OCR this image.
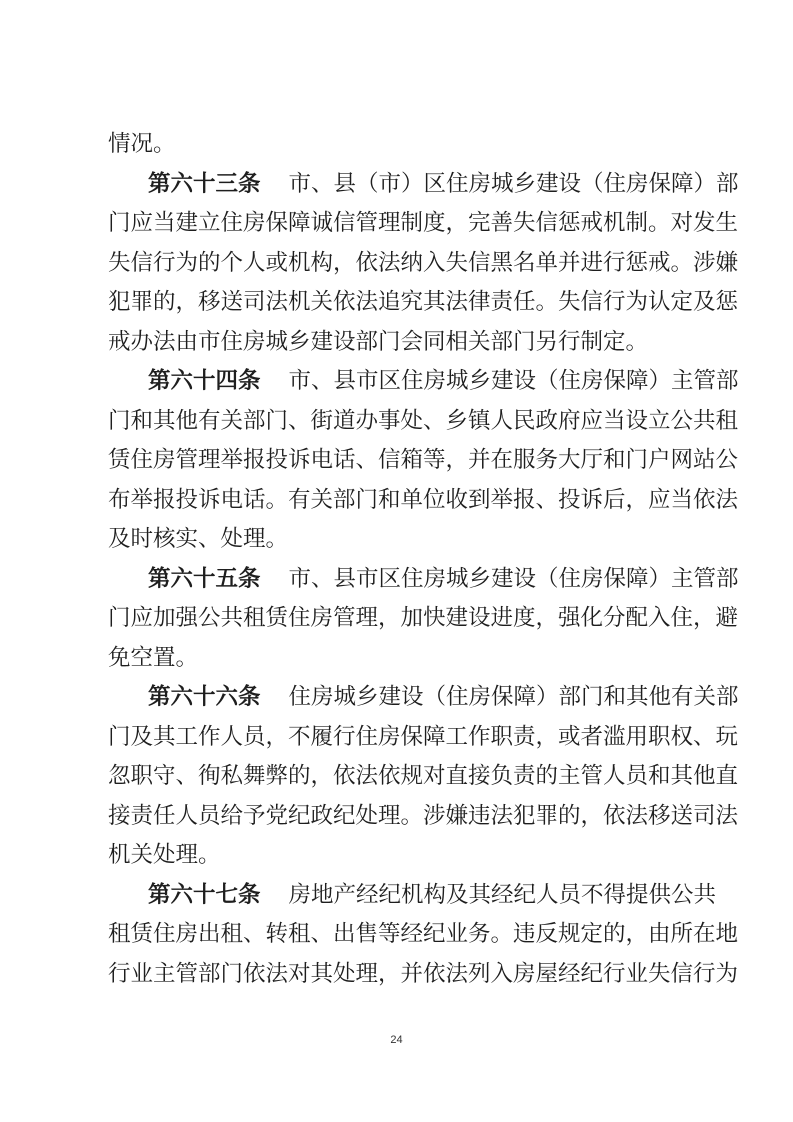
情况。
第六十三条 市、县（市）区住房城乡建设（住房保障）部
门应当建立住房保障诚信管理制度，完善失信惩戒机制。对发生
失信行为的个人或机构，依法纳入失信黑名单并进行惩戒。涉嫌
犯罪的，移送司法机关依法追究其法律责任。失信行为认定及惩
戒办法由市住房城乡建设部门会同相关部门另行制定。
第六十四条 市、县市区住房城乡建设（住房保障）主管部
门和其他有关部门、街道办事处、乡镇人民政府应当设立公共租
赁住房管理举报投诉电话、信箱等，并在服务大厅和门户网站公
布举报投诉电话。有关部门和单位收到举报、投诉后，应当依法
及时核实、处理。
第六十五条 市、县市区住房城乡建设（住房保障）主管部
门应加强公共租赁住房管理，加快建设进度，强化分配入住，避
免空置。
第六十六条 住房城乡建设（住房保障）部门和其他有关部
门及其工作人员，不履行住房保障工作职责，或者滥用职权、玩
忽职守、徇私舞弊的，依法依规对直接负责的主管人员和其他直
接责任人员给予党纪政纪处理。涉嫌违法犯罪的，依法移送司法
机关处理。
第六十七条 房地产经纪机构及其经纪人员不得提供公共
租赁住房出租、转租、出售等经纪业务。违反规定的，由所在地
行业主管部门依法对其处理，并依法列入房屋经纪行业失信行为
24
